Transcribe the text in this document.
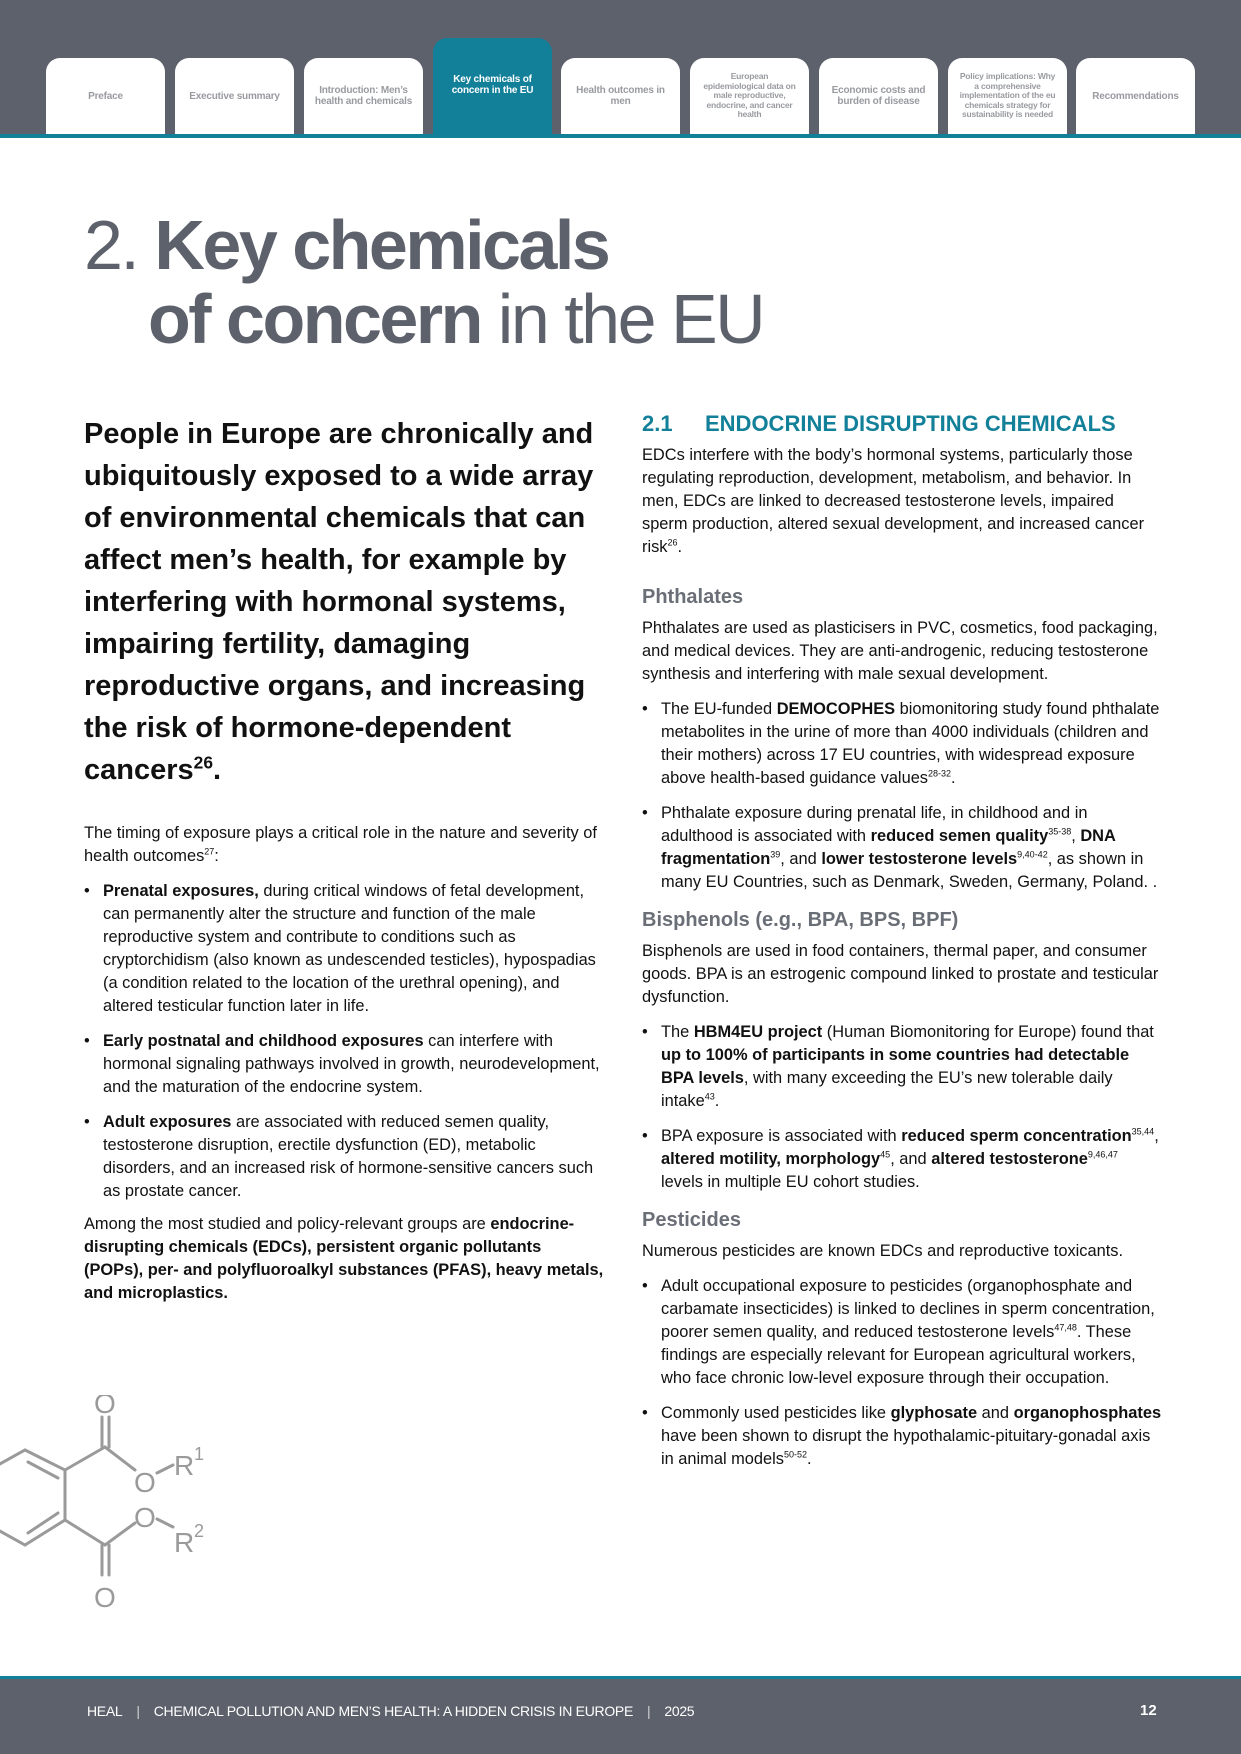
Preface	Executive summary	Introduction: Men’s health and chemicals
Key chemicals of concern in the EU	Health outcomes in men
European epidemiological data on male reproductive, endocrine, and cancer health
Economic costs and burden of disease
Policy implications: Why a comprehensive implementation of the eu chemicals strategy for sustainability is needed
Recommendations
2. Key chemicals
of concern in the EU
People in Europe are chronically and ubiquitously exposed to a wide array of environmental chemicals that can affect men’s health, for example by interfering with hormonal systems, impairing fertility, damaging reproductive organs, and increasing the risk of hormone-dependent cancers$^{26}$.

The timing of exposure plays a critical role in the nature and severity of health outcomes$^{27}$:

• Prenatal exposures, during critical windows of fetal development, can permanently alter the structure and function of the male reproductive system and contribute to conditions such as cryptorchidism (also known as undescended testicles), hypospadias (a condition related to the location of the urethral opening), and altered testicular function later in life.
• Early postnatal and childhood exposures can interfere with hormonal signaling pathways involved in growth, neurodevelopment, and the maturation of the endocrine system.
• Adult exposures are associated with reduced semen quality, testosterone disruption, erectile dysfunction (ED), metabolic disorders, and an increased risk of hormone-sensitive cancers such as prostate cancer.

Among the most studied and policy-relevant groups are endocrine-disrupting chemicals (EDCs), persistent organic pollutants (POPs), per- and polyfluoroalkyl substances (PFAS), heavy metals, and microplastics.

O
O
O
O
R 1
R 2
2.1 ENDOCRINE DISRUPTING CHEMICALS

EDCs interfere with the body’s hormonal systems, particularly those regulating reproduction, development, metabolism, and behavior. In men, EDCs are linked to decreased testosterone levels, impaired sperm production, altered sexual development, and increased cancer risk$^{26}$.

Phthalates

Phthalates are used as plasticisers in PVC, cosmetics, food packaging, and medical devices. They are anti-androgenic, reducing testosterone synthesis and interfering with male sexual development.

• The EU-funded DEMOCOPHES biomonitoring study found phthalate metabolites in the urine of more than 4000 individuals (children and their mothers) across 17 EU countries, with widespread exposure above health-based guidance values$^{28-32}$.
• Phthalate exposure during prenatal life, in childhood and in adulthood is associated with reduced semen quality$^{35-38}$, DNA fragmentation$^{39}$, and lower testosterone levels$^{9,40-42}$, as shown in many EU Countries, such as Denmark, Sweden, Germany, Poland. .
Bisphenols (e.g., BPA, BPS, BPF)

Bisphenols are used in food containers, thermal paper, and consumer goods. BPA is an estrogenic compound linked to prostate and testicular dysfunction.

• The HBM4EU project (Human Biomonitoring for Europe) found that up to 100% of participants in some countries had detectable BPA levels, with many exceeding the EU’s new tolerable daily intake$^{43}$.
• BPA exposure is associated with reduced sperm concentration$^{35,44}$, altered motility, morphology$^{45}$, and altered testosterone$^{9,46,47}$ levels in multiple EU cohort studies.
Pesticides

Numerous pesticides are known EDCs and reproductive toxicants.

• Adult occupational exposure to pesticides (organophosphate and carbamate insecticides) is linked to declines in sperm concentration, poorer semen quality, and reduced testosterone levels$^{47,48}$. These findings are especially relevant for European agricultural workers, who face chronic low-level exposure through their occupation.
• Commonly used pesticides like glyphosate and organophosphates have been shown to disrupt the hypothalamic-pituitary-gonadal axis in animal models$^{50-52}$.
HEAL	|	CHEMICAL POLLUTION AND MEN’S HEALTH: A HIDDEN CRISIS IN EUROPE	|	2025	12
